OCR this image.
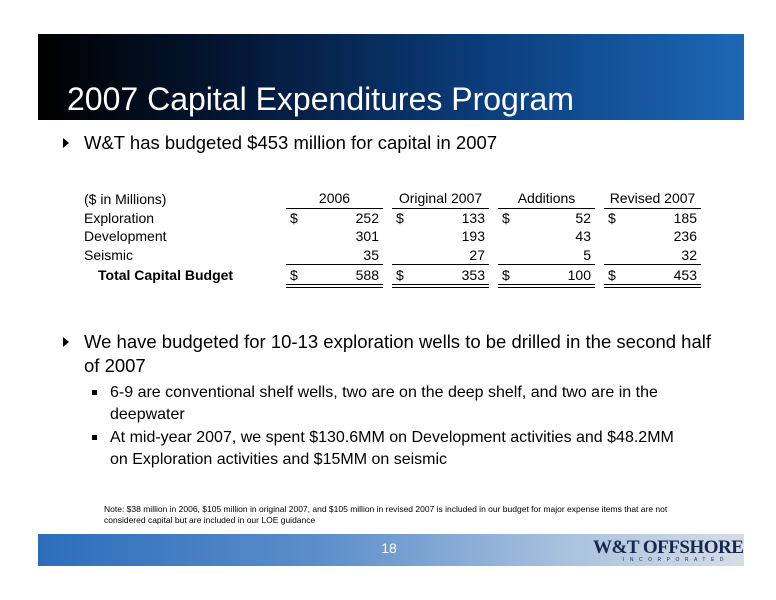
2007 Capital Expenditures Program
W&T has budgeted $453 million for capital in 2007
($ in Millions)	2006			Original 2007			Additions			Revised 2007	
Exploration	$	252		$	133		$	52		$	185
Development		301			193			43			236
Seismic		35			27			5			32
Total Capital Budget	$	588		$	353		$	100		$	453
We have budgeted for 10-13 exploration wells to be drilled in the second half of 2007
6-9 are conventional shelf wells, two are on the deep shelf, and two are in the deepwater
At mid-year 2007, we spent $130.6MM on Development activities and $48.2MM on Exploration activities and $15MM on seismic
Note: $38 million in 2006, $105 million in original 2007, and $105 million in revised 2007 is included in our budget for major expense items that are not considered capital but are included in our LOE guidance
18	W&T OFFSHORE
INCORPORATED
